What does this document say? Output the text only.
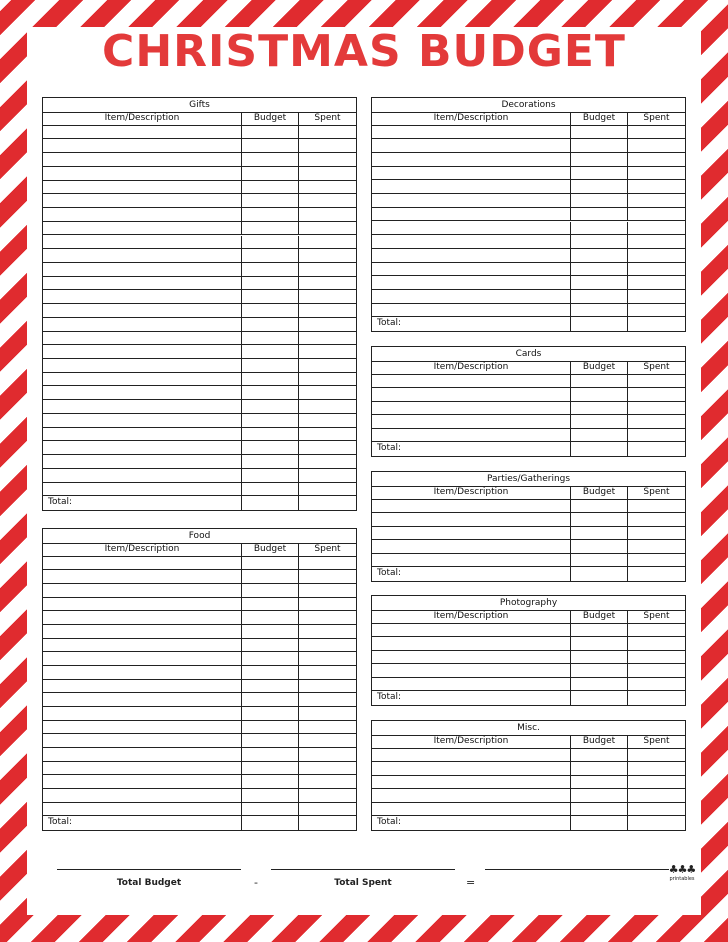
CHRISTMAS BUDGET
Gifts
Item/Description	Budget	Spent
Total:
Food
Item/Description	Budget	Spent
Total:
Decorations
Item/Description	Budget	Spent
Total:
Cards
Item/Description	Budget	Spent
Total:
Parties/Gatherings
Item/Description	Budget	Spent
Total:
Photography
Item/Description	Budget	Spent
Total:
Misc.
Item/Description	Budget	Spent
Total:
Total Budget	-	Total Spent	=
♣♣♣
printables
